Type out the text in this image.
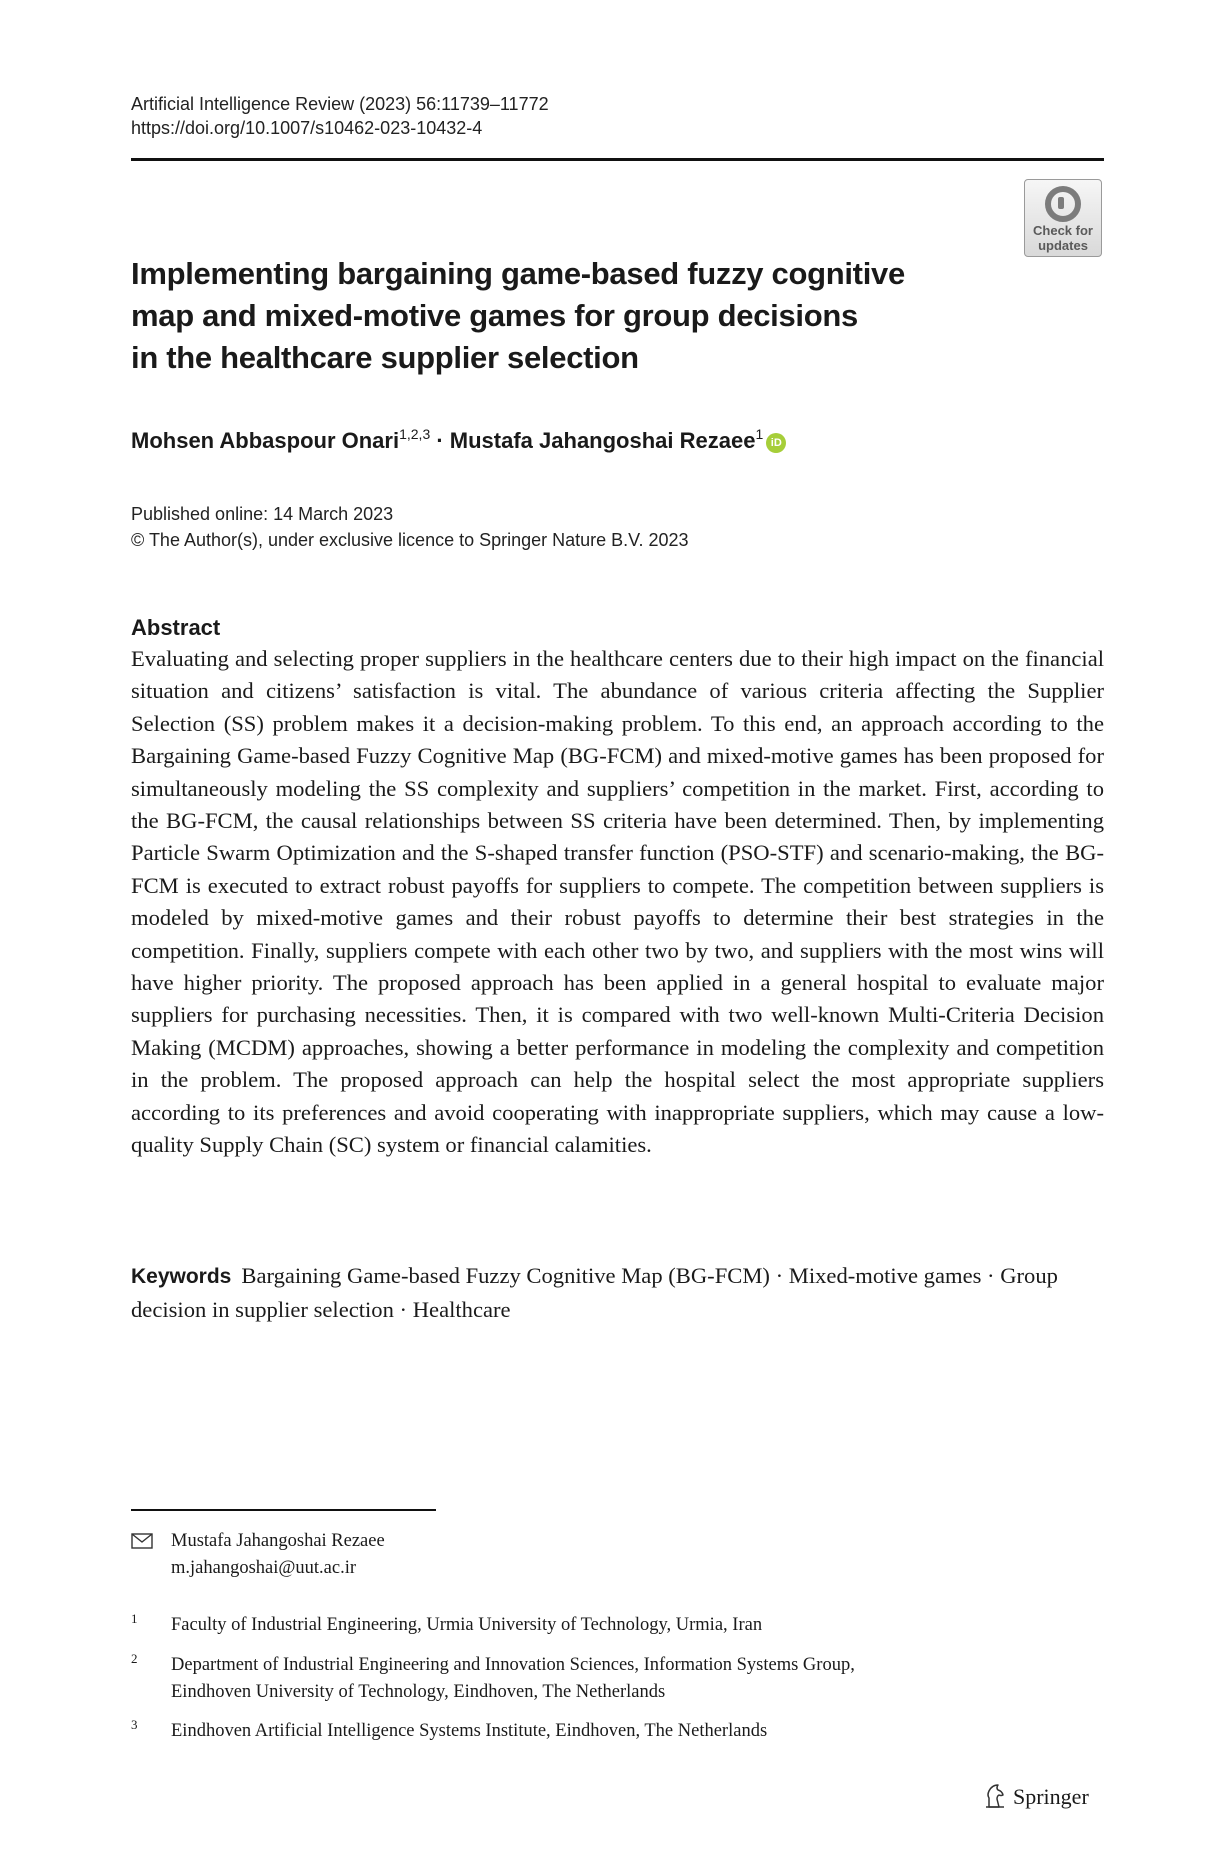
Artificial Intelligence Review (2023) 56:11739–11772
https://doi.org/10.1007/s10462-023-10432-4
Check for
updates
Implementing bargaining game-based fuzzy cognitive
map and mixed-motive games for group decisions
in the healthcare supplier selection
Mohsen Abbaspour Onari$^{1,2,3}$ · Mustafa Jahangoshai Rezaee$^1$iD
Published online: 14 March 2023
© The Author(s), under exclusive licence to Springer Nature B.V. 2023
Abstract
Evaluating and selecting proper suppliers in the healthcare centers due to their high impact on the financial situation and citizens’ satisfaction is vital. The abundance of various criteria affecting the Supplier Selection (SS) problem makes it a decision-making problem. To this end, an approach according to the Bargaining Game-based Fuzzy Cognitive Map (BG-FCM) and mixed-motive games has been proposed for simultaneously modeling the SS complexity and suppliers’ competition in the market. First, according to the BG-FCM, the causal relationships between SS criteria have been determined. Then, by implementing Particle Swarm Optimization and the S-shaped transfer function (PSO-STF) and scenario-making, the BG-FCM is executed to extract robust payoffs for suppliers to compete. The competition between suppliers is modeled by mixed-motive games and their robust payoffs to determine their best strategies in the competition. Finally, suppliers compete with each other two by two, and suppliers with the most wins will have higher priority. The proposed approach has been applied in a general hospital to evaluate major suppliers for purchasing necessities. Then, it is compared with two well-known Multi-Criteria Decision Making (MCDM) approaches, showing a better performance in modeling the complexity and competition in the problem. The proposed approach can help the hospital select the most appropriate suppliers according to its preferences and avoid cooperating with inappropriate suppliers, which may cause a low-quality Supply Chain (SC) system or financial calamities.
Keywords Bargaining Game-based Fuzzy Cognitive Map (BG-FCM) · Mixed-motive games · Group decision in supplier selection · Healthcare
Mustafa Jahangoshai Rezaee
m.jahangoshai@uut.ac.ir
1 Faculty of Industrial Engineering, Urmia University of Technology, Urmia, Iran
2 Department of Industrial Engineering and Innovation Sciences, Information Systems Group,
Eindhoven University of Technology, Eindhoven, The Netherlands
3 Eindhoven Artificial Intelligence Systems Institute, Eindhoven, The Netherlands
Springer
